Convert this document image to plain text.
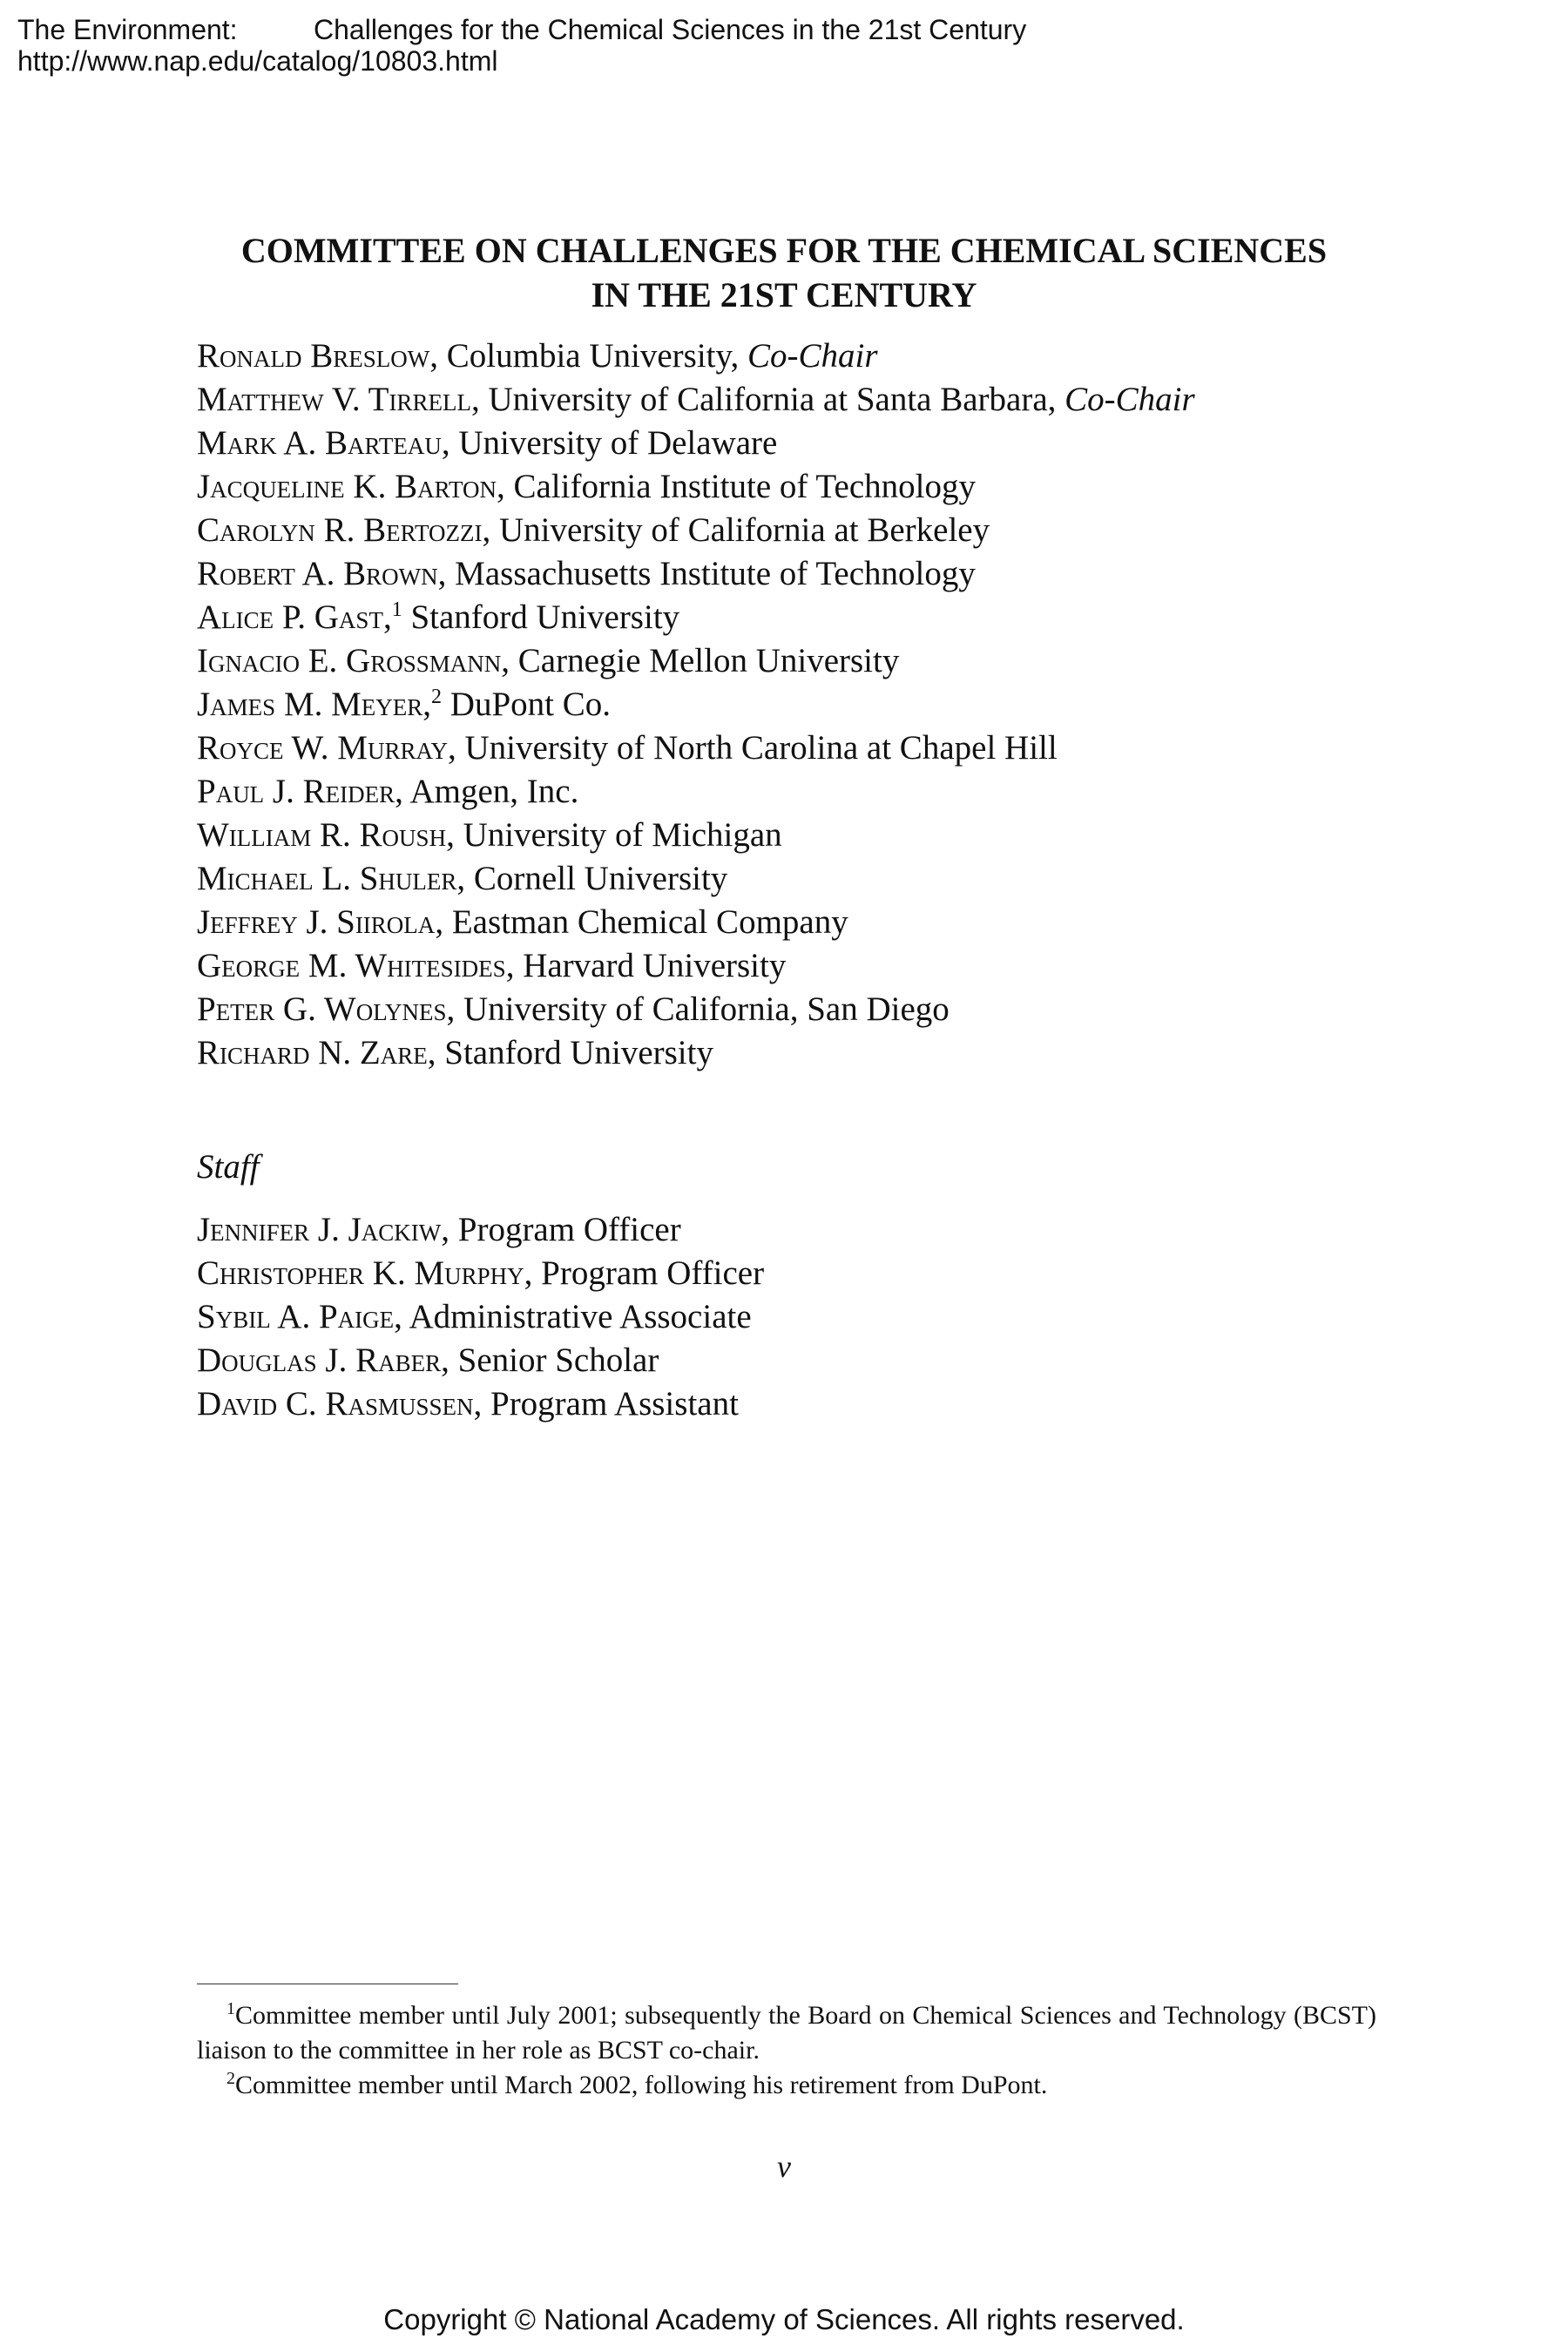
The Environment:	Challenges for the Chemical Sciences in the 21st Century
http://www.nap.edu/catalog/10803.html
COMMITTEE ON CHALLENGES FOR THE CHEMICAL SCIENCES
IN THE 21ST CENTURY
Ronald Breslow, Columbia University, Co-Chair
Matthew V. Tirrell, University of California at Santa Barbara, Co-Chair
Mark A. Barteau, University of Delaware
Jacqueline K. Barton, California Institute of Technology
Carolyn R. Bertozzi, University of California at Berkeley
Robert A. Brown, Massachusetts Institute of Technology
Alice P. Gast,$^1$ Stanford University
Ignacio E. Grossmann, Carnegie Mellon University
James M. Meyer,$^2$ DuPont Co.
Royce W. Murray, University of North Carolina at Chapel Hill
Paul J. Reider, Amgen, Inc.
William R. Roush, University of Michigan
Michael L. Shuler, Cornell University
Jeffrey J. Siirola, Eastman Chemical Company
George M. Whitesides, Harvard University
Peter G. Wolynes, University of California, San Diego
Richard N. Zare, Stanford University
Staff
Jennifer J. Jackiw, Program Officer
Christopher K. Murphy, Program Officer
Sybil A. Paige, Administrative Associate
Douglas J. Raber, Senior Scholar
David C. Rasmussen, Program Assistant

$^1$Committee member until July 2001; subsequently the Board on Chemical Sciences and Technology (BCST) liaison to the committee in her role as BCST co-chair.

$^2$Committee member until March 2002, following his retirement from DuPont.

v
Copyright © National Academy of Sciences. All rights reserved.
